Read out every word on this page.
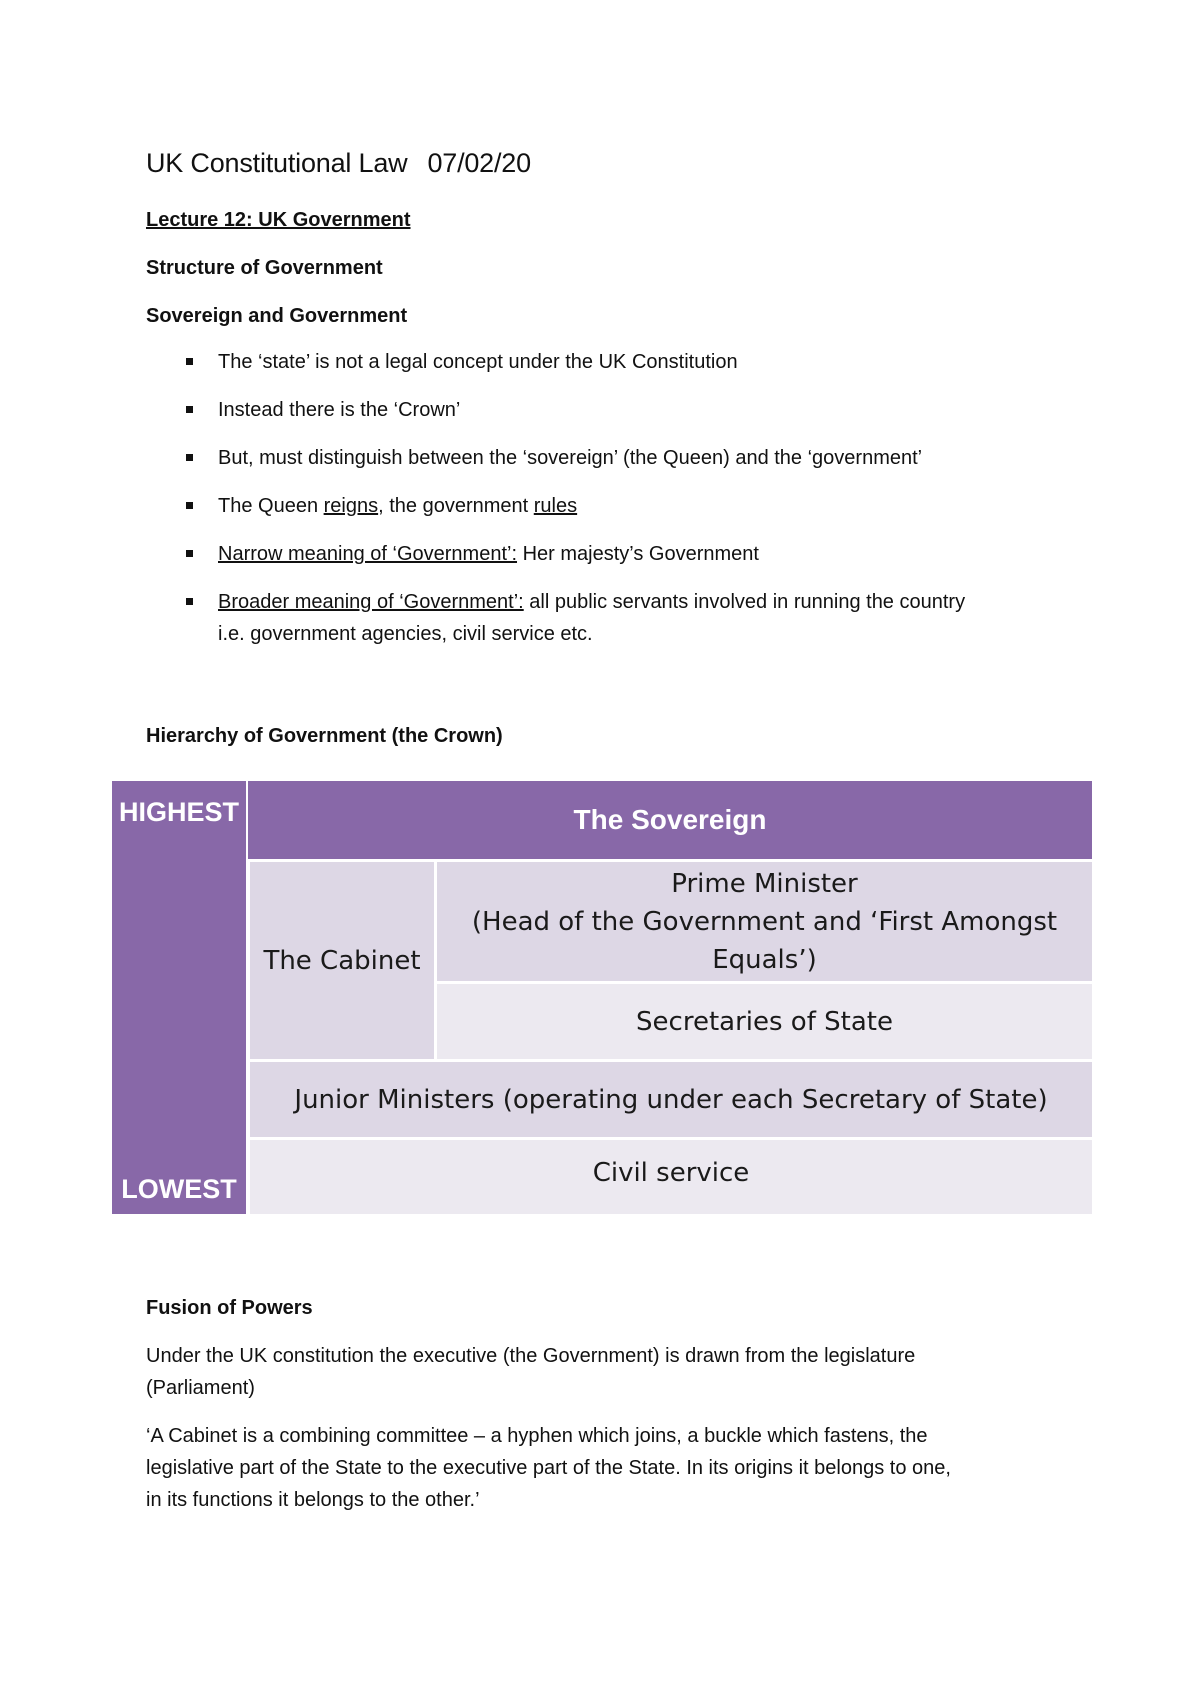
UK Constitutional Law 07/02/20
Lecture 12: UK Government
Structure of Government
Sovereign and Government
The ‘state’ is not a legal concept under the UK Constitution
Instead there is the ‘Crown’
But, must distinguish between the ‘sovereign’ (the Queen) and the ‘government’
The Queen reigns, the government rules
Narrow meaning of ‘Government’: Her majesty’s Government
Broader meaning of ‘Government’: all public servants involved in running the country
i.e. government agencies, civil service etc.
Hierarchy of Government (the Crown)
HIGHEST
LOWEST
The Sovereign
The Cabinet
Prime Minister
(Head of the Government and ‘First Amongst
Equals’)
Secretaries of State
Junior Ministers (operating under each Secretary of State)
Civil service
Fusion of Powers
Under the UK constitution the executive (the Government) is drawn from the legislature
(Parliament)
‘A Cabinet is a combining committee – a hyphen which joins, a buckle which fastens, the
legislative part of the State to the executive part of the State. In its origins it belongs to one,
in its functions it belongs to the other.’
